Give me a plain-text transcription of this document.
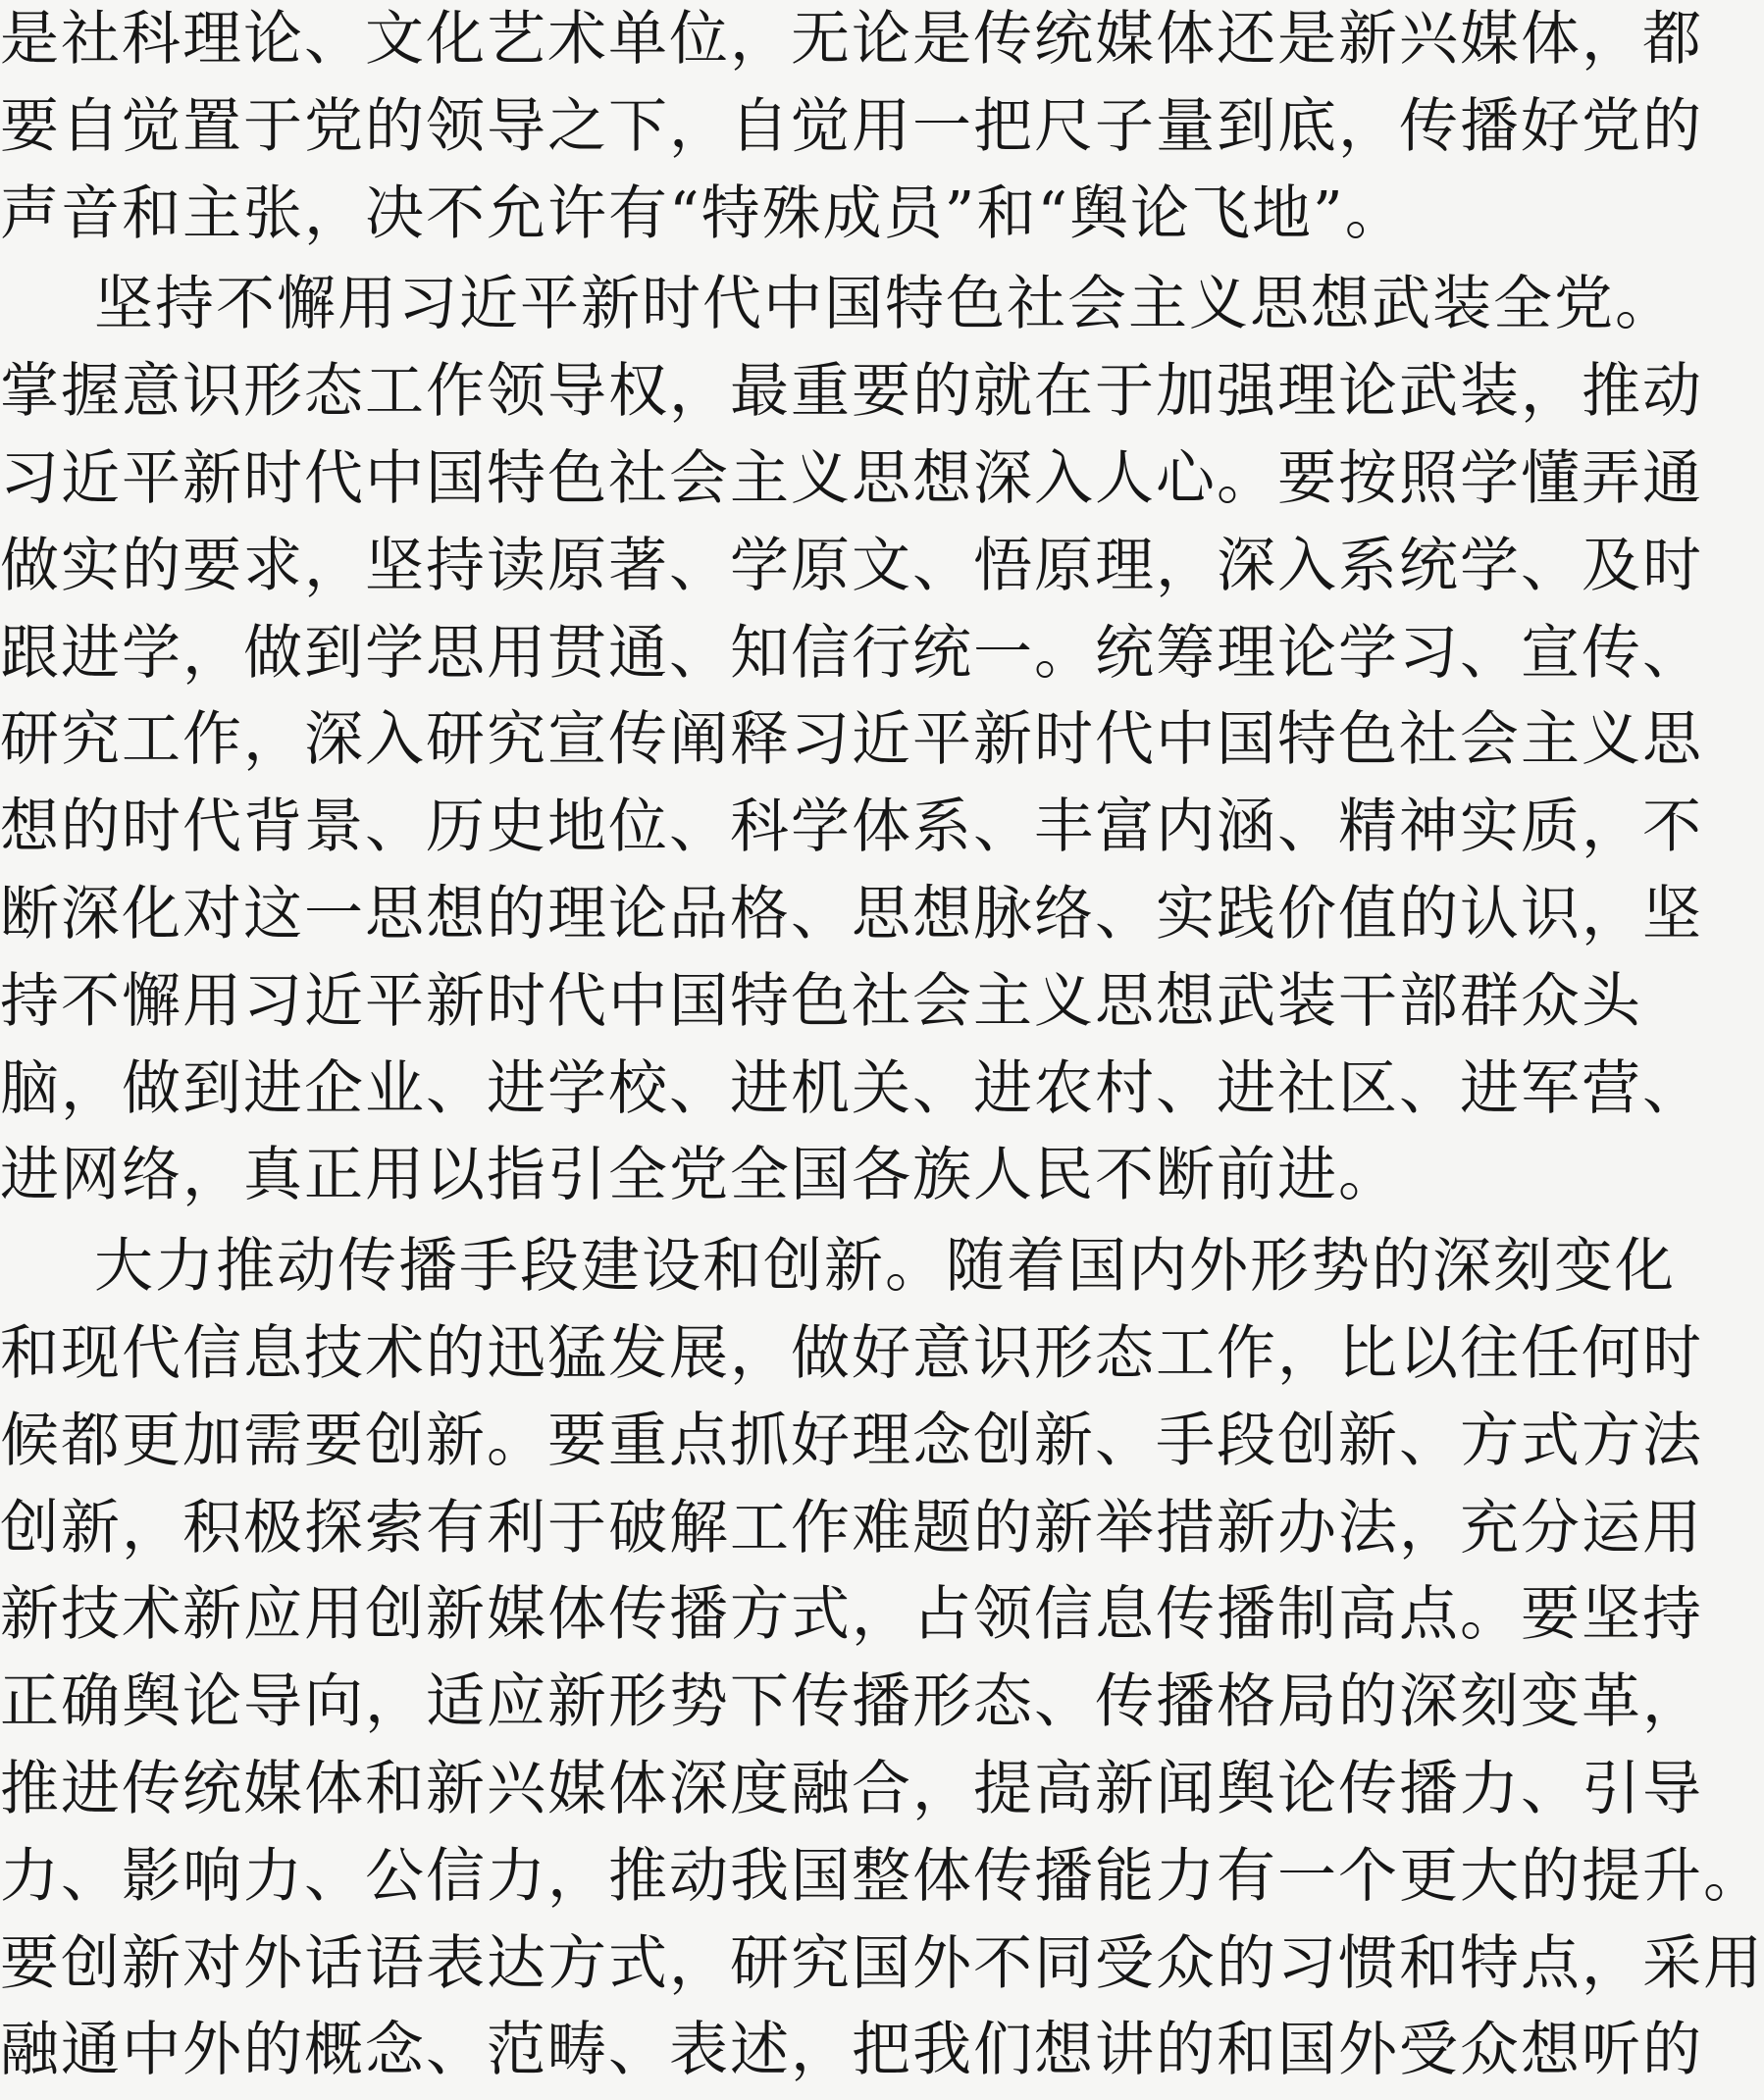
是社科理论、文化艺术单位，无论是传统媒体还是新兴媒体，都
要自觉置于党的领导之下，自觉用一把尺子量到底，传播好党的
声音和主张，决不允许有“特殊成员”和“舆论飞地”。
坚持不懈用习近平新时代中国特色社会主义思想武装全党。
掌握意识形态工作领导权，最重要的就在于加强理论武装，推动
习近平新时代中国特色社会主义思想深入人心。要按照学懂弄通
做实的要求，坚持读原著、学原文、悟原理，深入系统学、及时
跟进学，做到学思用贯通、知信行统一。统筹理论学习、宣传、
研究工作，深入研究宣传阐释习近平新时代中国特色社会主义思
想的时代背景、历史地位、科学体系、丰富内涵、精神实质，不
断深化对这一思想的理论品格、思想脉络、实践价值的认识，坚
持不懈用习近平新时代中国特色社会主义思想武装干部群众头
脑，做到进企业、进学校、进机关、进农村、进社区、进军营、
进网络，真正用以指引全党全国各族人民不断前进。
大力推动传播手段建设和创新。随着国内外形势的深刻变化
和现代信息技术的迅猛发展，做好意识形态工作，比以往任何时
候都更加需要创新。要重点抓好理念创新、手段创新、方式方法
创新，积极探索有利于破解工作难题的新举措新办法，充分运用
新技术新应用创新媒体传播方式，占领信息传播制高点。要坚持
正确舆论导向，适应新形势下传播形态、传播格局的深刻变革，
推进传统媒体和新兴媒体深度融合，提高新闻舆论传播力、引导
力、影响力、公信力，推动我国整体传播能力有一个更大的提升。
要创新对外话语表达方式，研究国外不同受众的习惯和特点，采用
融通中外的概念、范畴、表述，把我们想讲的和国外受众想听的
